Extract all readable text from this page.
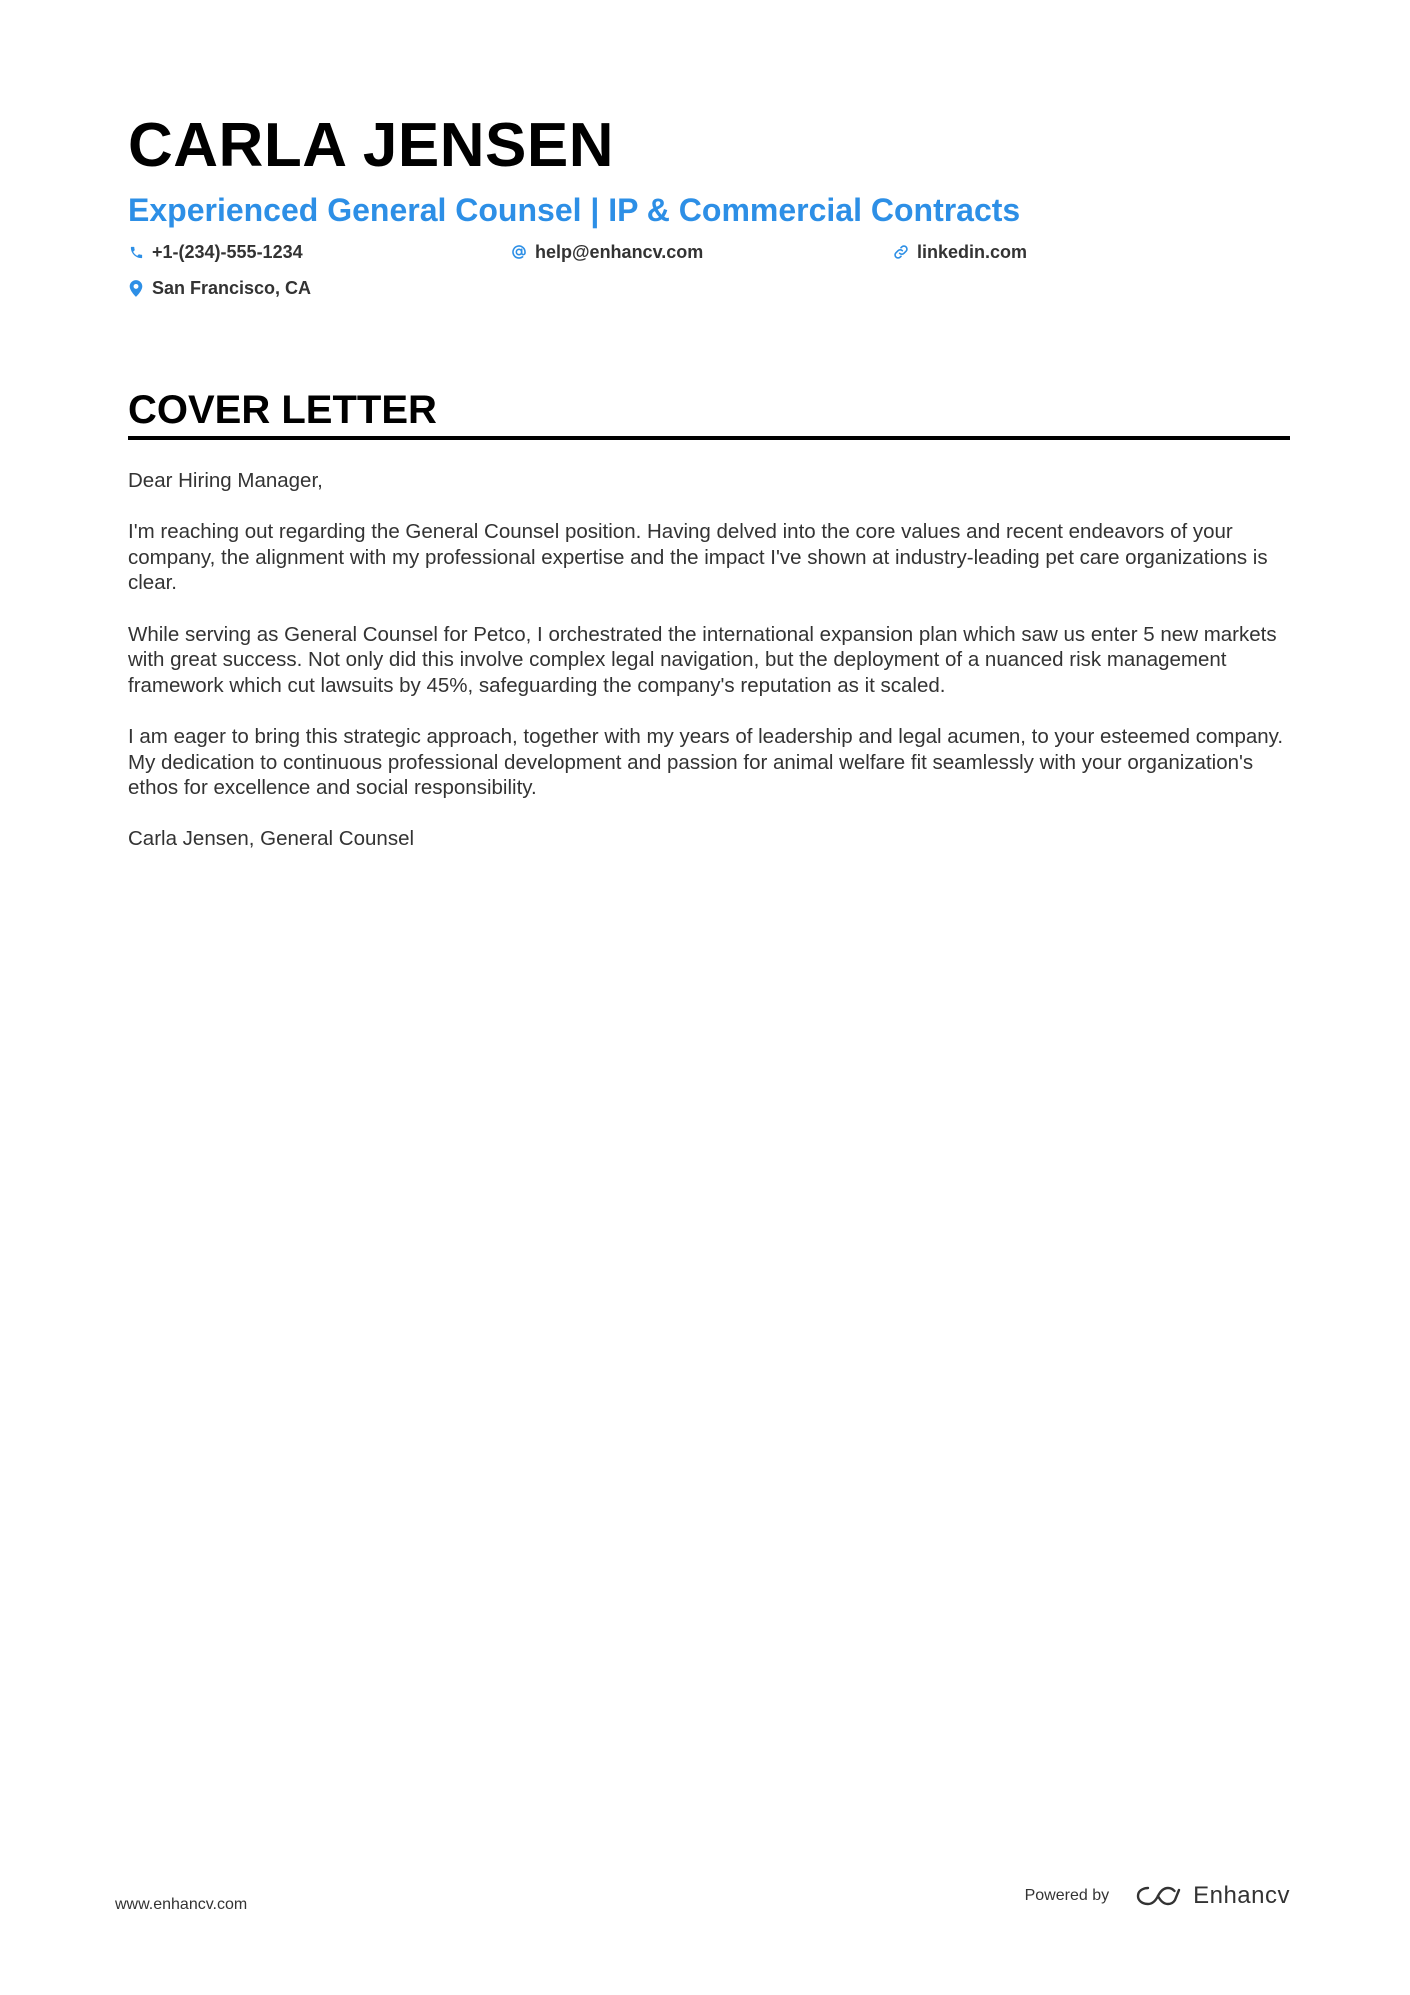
CARLA JENSEN
Experienced General Counsel | IP & Commercial Contracts
+1-(234)-555-1234	help@enhancv.com	linkedin.com
San Francisco, CA
COVER LETTER

Dear Hiring Manager,

I'm reaching out regarding the General Counsel position. Having delved into the core values and recent endeavors of your company, the alignment with my professional expertise and the impact I've shown at industry-leading pet care organizations is clear.

While serving as General Counsel for Petco, I orchestrated the international expansion plan which saw us enter 5 new markets with great success. Not only did this involve complex legal navigation, but the deployment of a nuanced risk management framework which cut lawsuits by 45%, safeguarding the company's reputation as it scaled.

I am eager to bring this strategic approach, together with my years of leadership and legal acumen, to your esteemed company. My dedication to continuous professional development and passion for animal welfare fit seamlessly with your organization's ethos for excellence and social responsibility.

Carla Jensen, General Counsel

www.enhancv.com
Powered by	Enhancv
